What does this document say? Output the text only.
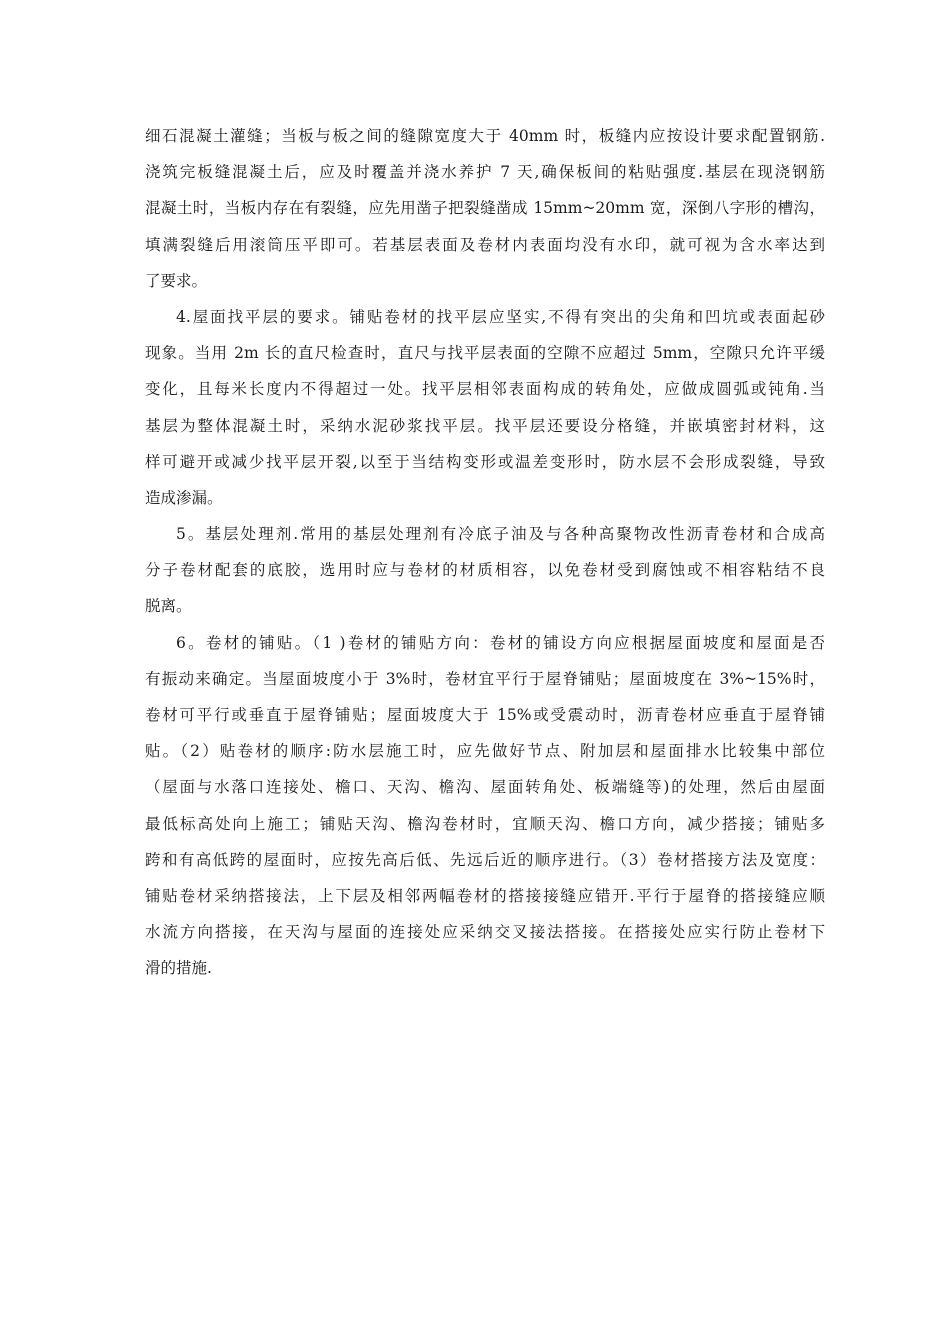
细石混凝土灌缝；当板与板之间的缝隙宽度大于 40mm 时，板缝内应按设计要求配置钢筋.
浇筑完板缝混凝土后，应及时覆盖并浇水养护 7 天,确保板间的粘贴强度.基层在现浇钢筋
混凝土时，当板内存在有裂缝，应先用凿子把裂缝凿成 15mm~20mm 宽，深倒八字形的槽沟，
填满裂缝后用滚筒压平即可。若基层表面及卷材内表面均没有水印，就可视为含水率达到
了要求。
4.屋面找平层的要求。铺贴卷材的找平层应坚实,不得有突出的尖角和凹坑或表面起砂
现象。当用 2m 长的直尺检查时，直尺与找平层表面的空隙不应超过 5mm，空隙只允许平缓
变化，且每米长度内不得超过一处。找平层相邻表面构成的转角处，应做成圆弧或钝角.当
基层为整体混凝土时，采纳水泥砂浆找平层。找平层还要设分格缝，并嵌填密封材料，这
样可避开或减少找平层开裂,以至于当结构变形或温差变形时，防水层不会形成裂缝，导致
造成渗漏。
5。基层处理剂.常用的基层处理剂有冷底子油及与各种高聚物改性沥青卷材和合成高
分子卷材配套的底胶，选用时应与卷材的材质相容，以免卷材受到腐蚀或不相容粘结不良
脱离。
6。卷材的铺贴。（1 )卷材的铺贴方向：卷材的铺设方向应根据屋面坡度和屋面是否
有振动来确定。当屋面坡度小于 3%时，卷材宜平行于屋脊铺贴；屋面坡度在 3%~15%时，
卷材可平行或垂直于屋脊铺贴；屋面坡度大于 15%或受震动时，沥青卷材应垂直于屋脊铺
贴。（2）贴卷材的顺序:防水层施工时，应先做好节点、附加层和屋面排水比较集中部位
（屋面与水落口连接处、檐口、天沟、檐沟、屋面转角处、板端缝等)的处理，然后由屋面
最低标高处向上施工；铺贴天沟、檐沟卷材时，宜顺天沟、檐口方向，减少搭接；铺贴多
跨和有高低跨的屋面时，应按先高后低、先远后近的顺序进行。（3）卷材搭接方法及宽度：
铺贴卷材采纳搭接法，上下层及相邻两幅卷材的搭接接缝应错开.平行于屋脊的搭接缝应顺
水流方向搭接，在天沟与屋面的连接处应采纳交叉接法搭接。在搭接处应实行防止卷材下
滑的措施.
